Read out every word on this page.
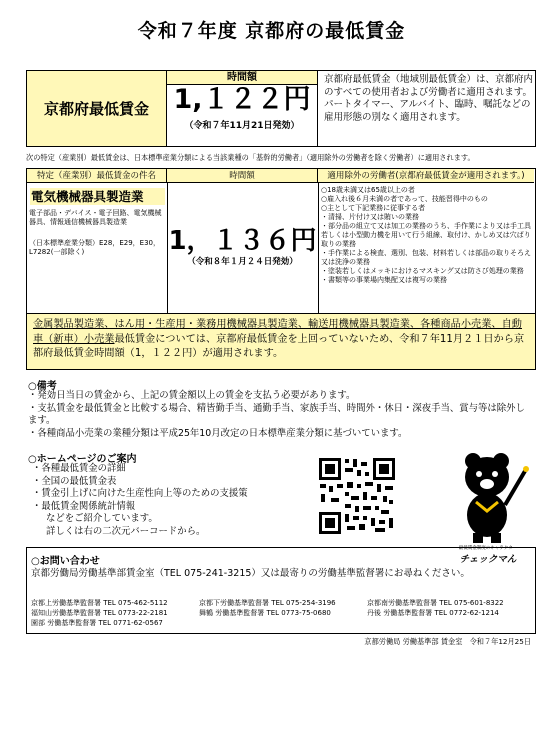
令和７年度 京都府の最低賃金
京都府最低賃金
時間額
1,１２２円
（令和７年11月21日発効）
京都府最低賃金（地域別最低賃金）は、京都府内のすべての使用者および労働者に適用されます。パートタイマー、アルバイト、臨時、嘱託などの雇用形態の別なく適用されます。
次の特定（産業別）最低賃金は、日本標準産業分類による当該業種の「基幹的労働者」（適用除外の労働者を除く労働者）に適用されます。
特定（産業別）最低賃金の件名	時間額	適用除外の労働者(京都府最低賃金が適用されます。)
電気機械器具製造業
電子部品・デバイス・電子回路、電気機械器具、情報通信機械器具製造業
（日本標準産業分類）E28，E29，E30，L7282(一部除く)	1，１３６円
（令和８年１月２４日発効）
○18歳未満又は65歳以上の者
○雇入れ後６月未満の者であって、技能習得中のもの
○主として下記業務に従事する者
・清掃、片付け又は賄いの業務
・部分品の組立て又は加工の業務のうち、手作業により又は手工具若しくは小型動力機を用いて行う組線、取付け、かしめ又は穴ばり取りの業務
・手作業による検査、選別、包装、材料若しくは部品の取りそろえ又は洗浄の業務
・塗装若しくはメッキにおけるマスキング又は防さび処理の業務
・書類等の事業場内集配又は複写の業務
金属製品製造業、はん用・生産用・業務用機械器具製造業、輸送用機械器具製造業、各種商品小売業、自動車（新車）小売業最低賃金については、京都府最低賃金を上回っていないため、令和７年11月２１日から京都府最低賃金時間額（1，１２２円）が適用されます。
○備考
・発効日当日の賃金から、上記の賃金額以上の賃金を支払う必要があります。
・支払賃金を最低賃金と比較する場合、精皆勤手当、通勤手当、家族手当、時間外・休日・深夜手当、賞与等は除外します。
・各種商品小売業の業種分類は平成25年10月改定の日本標準産業分類に基づいています。
○ホームページのご案内
・各種最低賃金の詳細
・全国の最低賃金表
・賃金引上げに向けた生産性向上等のための支援策
・最低賃金関係統計情報
などをご紹介しています。
詳しくは右の二次元バーコードから。
最低賃金制度のキャラクター
チェックマん
○お問い合わせ
京都労働局労働基準部賃金室（TEL 075-241-3215）又は最寄りの労働基準監督署にお尋ねください。
京都上労働基準監督署 TEL 075-462-5112	京都下労働基準監督署 TEL 075-254-3196	京都南労働基準監督署 TEL 075-601-8322
福知山労働基準監督署 TEL 0773-22-2181	舞鶴 労働基準監督署 TEL 0773-75-0680	丹後 労働基準監督署 TEL 0772-62-1214
園部 労働基準監督署 TEL 0771-62-0567
京都労働局 労働基準部 賃金室　令和７年12月25日
